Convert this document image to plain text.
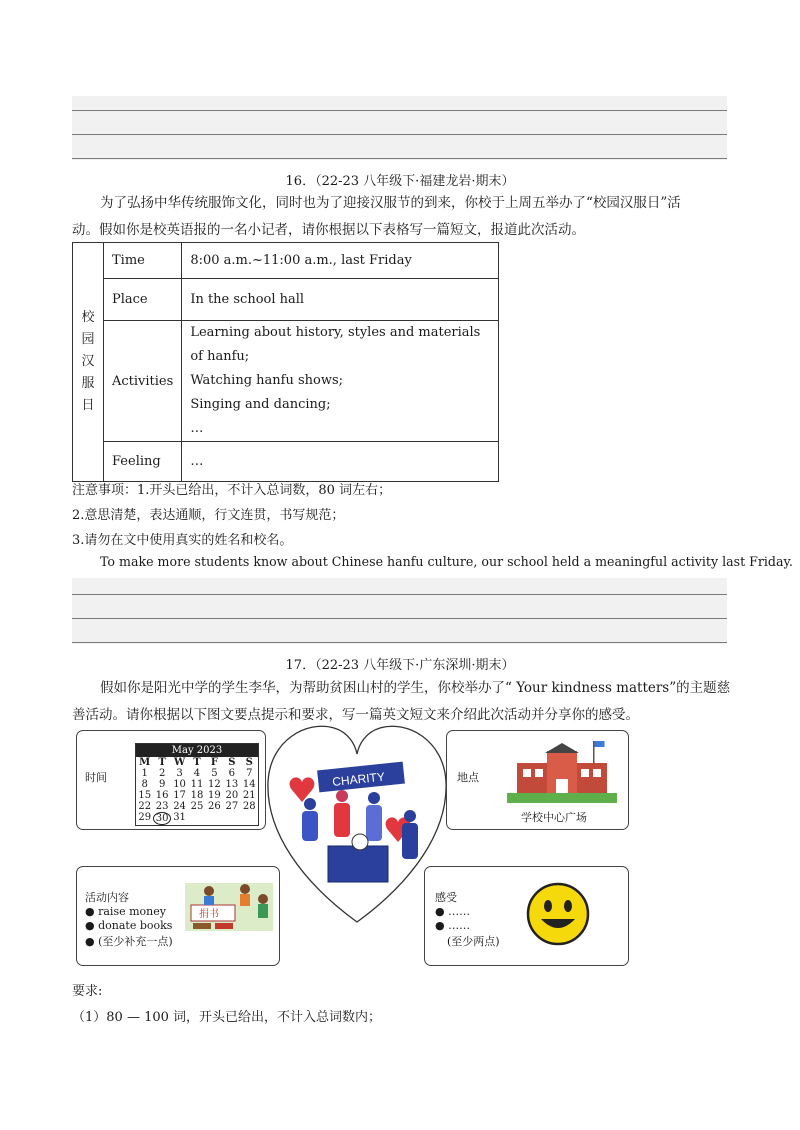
16．（22-23 八年级下·福建龙岩·期末）
为了弘扬中华传统服饰文化，同时也为了迎接汉服节的到来，你校于上周五举办了“校园汉服日”活
动。假如你是校英语报的一名小记者，请你根据以下表格写一篇短文，报道此次活动。
校
园
汉
服
日	Time	8:00 a.m.~11:00 a.m., last Friday
	Place	In the school hall
	Activities	Learning about history, styles and materials of hanfu;
Watching hanfu shows;
Singing and dancing;
…

	Feeling	…
注意事项：1.开头已给出，不计入总词数，80 词左右；
2.意思清楚，表达通顺，行文连贯，书写规范；
3.请勿在文中使用真实的姓名和校名。
To make more students know about Chinese hanfu culture, our school held a meaningful activity last Friday.
17．（22-23 八年级下·广东深圳·期末）
假如你是阳光中学的学生李华，为帮助贫困山村的学生，你校举办了“ Your kindness matters”的主题慈
善活动。请你根据以下图文要点提示和要求，写一篇英文短文来介绍此次活动并分享你的感受。
时间
May 2023
M T W T	F	S	S
1	2	3	4	5	6	7
8	9 10 11 12 13 14
15 16 17 18 19 20 21
22 23 24 25 26 27 28
29 30 31
CHARITY	地点
学校中心广场
活动内容
● raise money
● donate books
● (至少补充一点)
捐书
感受
● ……
● ……
(至少两点)
要求:
（1）80 — 100 词，开头已给出，不计入总词数内；
